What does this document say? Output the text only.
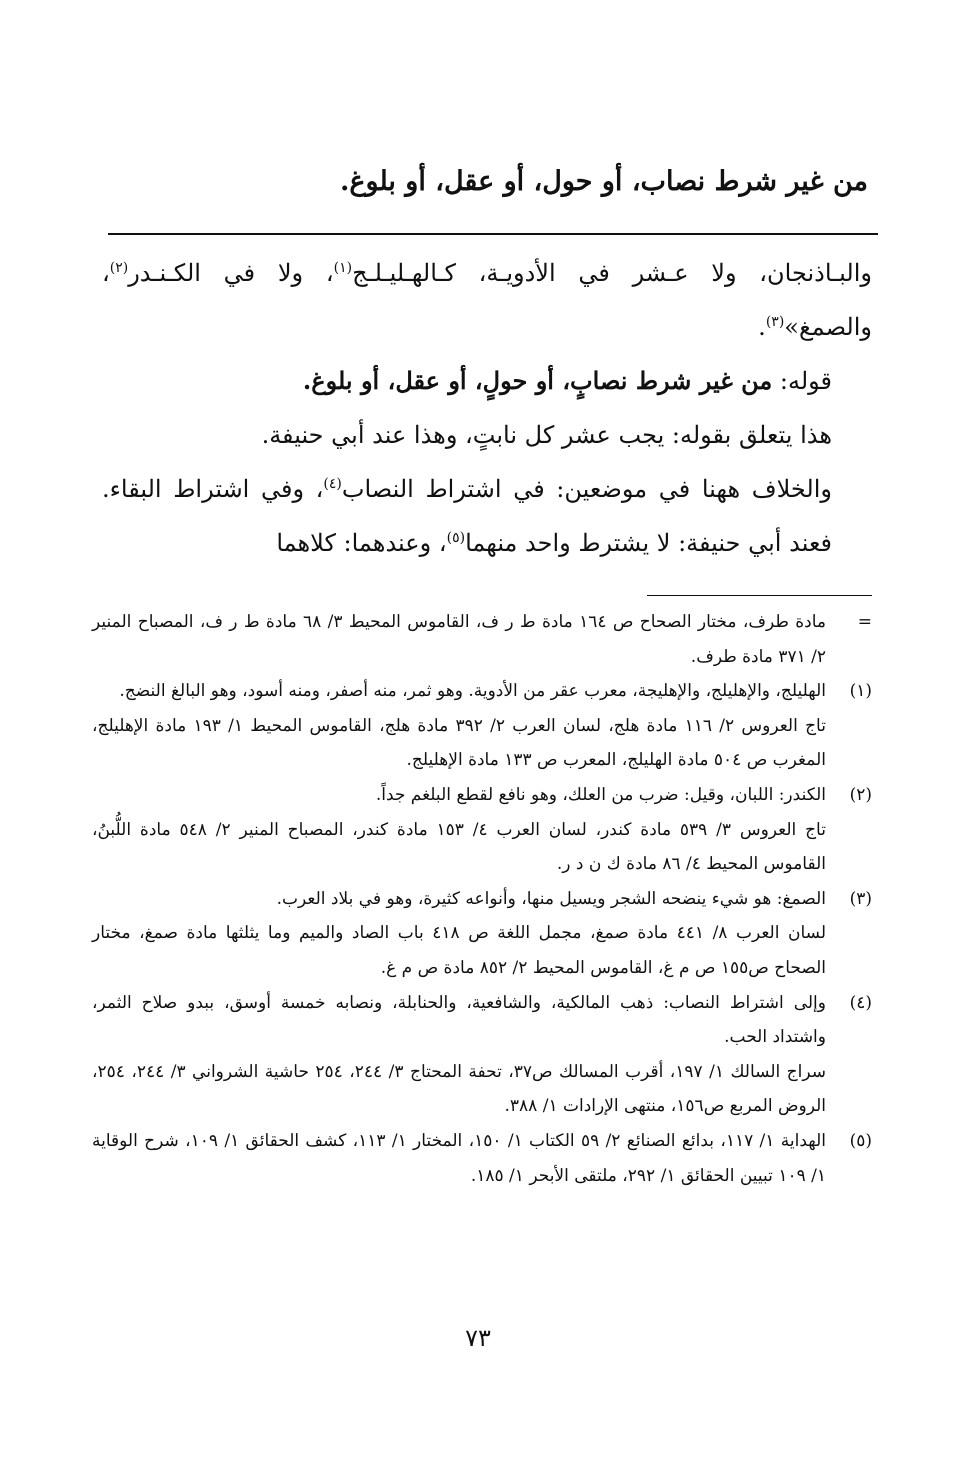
من غير شرط نصاب، أو حول، أو عقل، أو بلوغ.

والبـاذنجان، ولا عـشر في الأدويـة، كـالهـليـلـج$^{(١)}$، ولا في الكـنـدر$^{(٢)}$، والصمغ»$^{(٣)}$.

قوله: من غير شرط نصابٍ، أو حولٍ، أو عقل، أو بلوغ.

هذا يتعلق بقوله: يجب عشر كل نابتٍ، وهذا عند أبي حنيفة.

والخلاف ههنا في موضعين: في اشتراط النصاب$^{(٤)}$، وفي اشتراط البقاء. فعند أبي حنيفة: لا يشترط واحد منهما$^{(٥)}$، وعندهما: كلاهما

=
مادة طرف، مختار الصحاح ص ١٦٤ مادة ط ر ف، القاموس المحيط ٣/ ٦٨ مادة ط ر ف، المصباح المنير ٢/ ٣٧١ مادة طرف.
(١)
الهليلج، والإهليلج، والإهليجة، معرب عقر من الأدوية. وهو ثمر، منه أصفر، ومنه أسود، وهو البالغ النضج.
تاج العروس ٢/ ١١٦ مادة هلج، لسان العرب ٢/ ٣٩٢ مادة هلج، القاموس المحيط ١/ ١٩٣ مادة الإهليلج، المغرب ص ٥٠٤ مادة الهليلج، المعرب ص ١٣٣ مادة الإهليلج.
(٢)
الكندر: اللبان، وقيل: ضرب من العلك، وهو نافع لقطع البلغم جداً.
تاج العروس ٣/ ٥٣٩ مادة كندر، لسان العرب ٤/ ١٥٣ مادة كندر، المصباح المنير ٢/ ٥٤٨ مادة اللُّبنُ، القاموس المحيط ٤/ ٨٦ مادة ك ن د ر.
(٣)
الصمغ: هو شيء ينضحه الشجر ويسيل منها، وأنواعه كثيرة، وهو في بلاد العرب.
لسان العرب ٨/ ٤٤١ مادة صمغ، مجمل اللغة ص ٤١٨ باب الصاد والميم وما يثلثها مادة صمغ، مختار الصحاح ص١٥٥ ص م غ، القاموس المحيط ٢/ ٨٥٢ مادة ص م غ.
(٤)
وإلى اشتراط النصاب: ذهب المالكية، والشافعية، والحنابلة، ونصابه خمسة أوسق، ببدو صلاح الثمر، واشتداد الحب.
سراج السالك ١/ ١٩٧، أقرب المسالك ص٣٧، تحفة المحتاج ٣/ ٢٤٤، ٢٥٤ حاشية الشرواني ٣/ ٢٤٤، ٢٥٤، الروض المربع ص١٥٦، منتهى الإرادات ١/ ٣٨٨.
(٥)
الهداية ١/ ١١٧، بدائع الصنائع ٢/ ٥٩ الكتاب ١/ ١٥٠، المختار ١/ ١١٣، كشف الحقائق ١/ ١٠٩، شرح الوقاية ١/ ١٠٩ تبيين الحقائق ١/ ٢٩٢، ملتقى الأبحر ١/ ١٨٥.
٧٣
